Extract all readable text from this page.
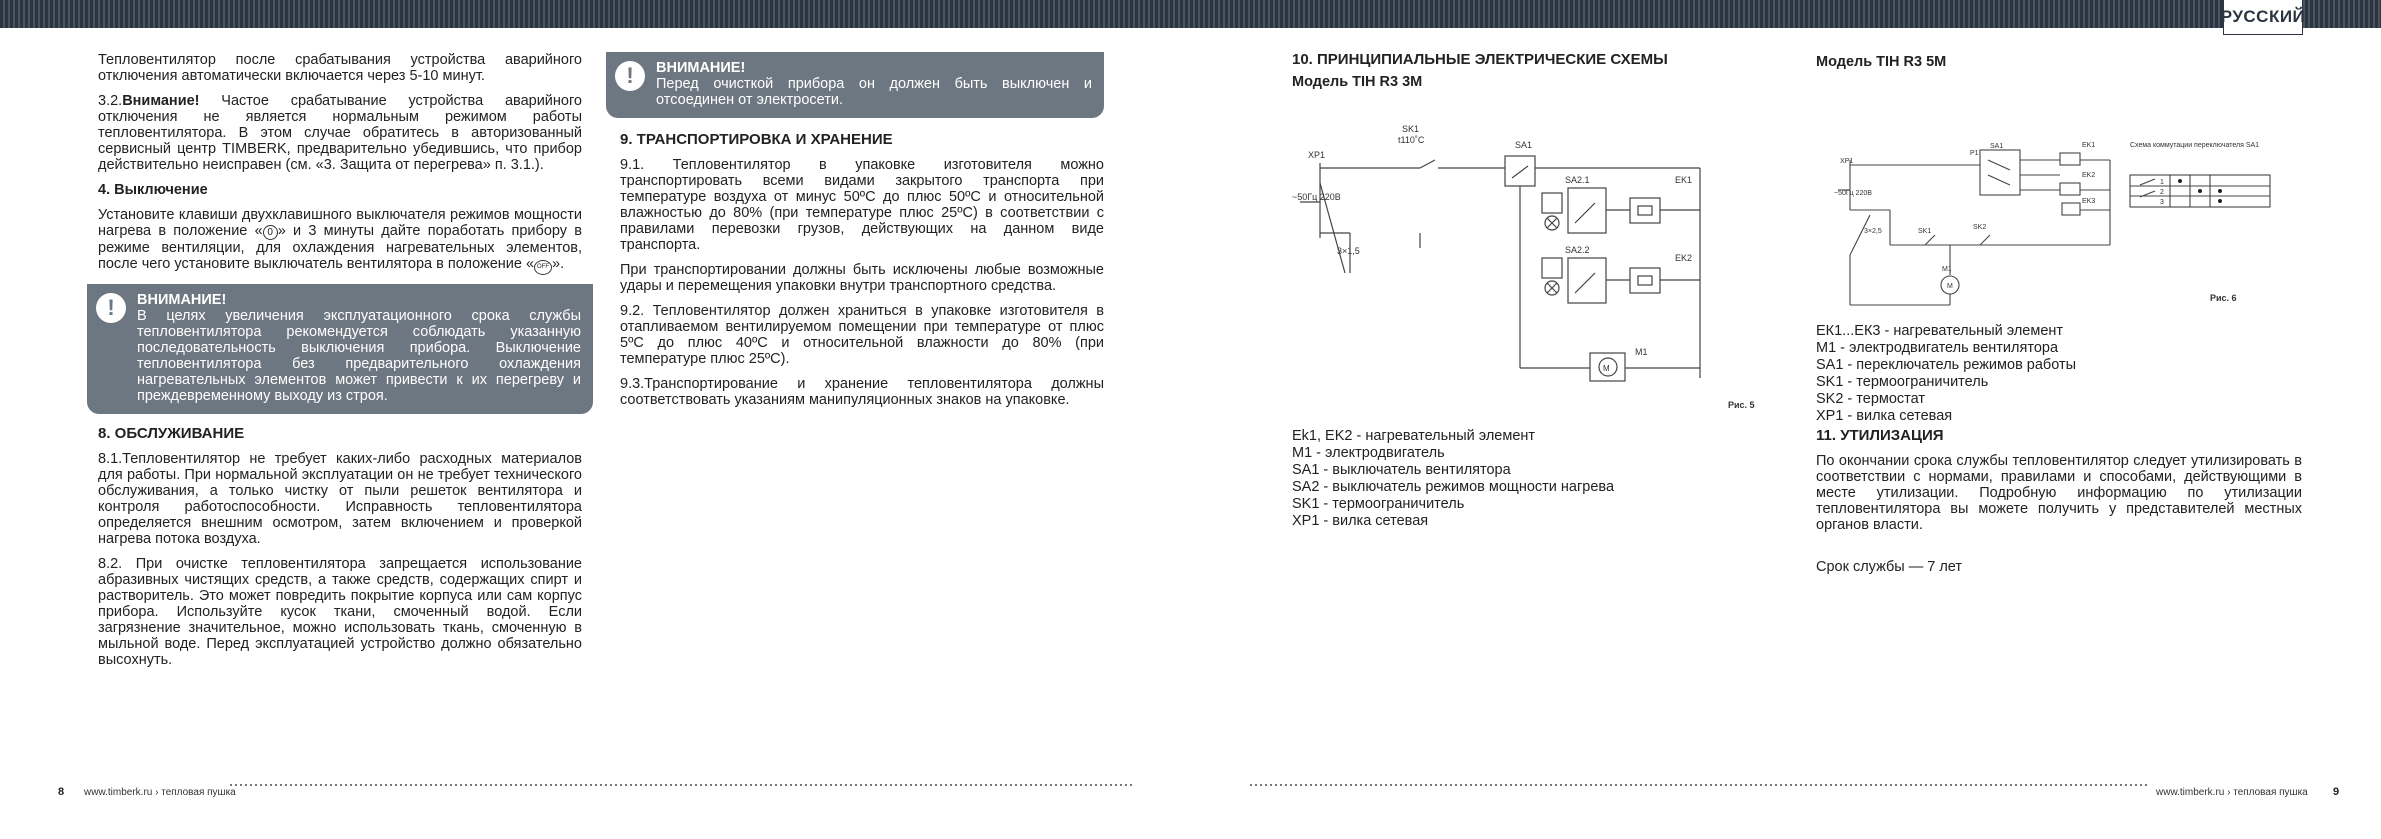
РУССКИЙ

Тепловентилятор после срабатывания устройства аварийного отключения автоматически включается через 5-10 минут.

3.2.Внимание! Частое срабатывание устройства аварийного отключения не является нормальным режимом работы тепловентилятора. В этом случае обратитесь в авторизованный сервисный центр TIMBERK, предварительно убедившись, что прибор действительно неисправен (см. «3. Защита от перегрева» п. 3.1.).

4. Выключение

Установите клавиши двухклавишного выключателя режимов мощности нагрева в положение « 0 » и 3 минуты дайте поработать прибору в режиме вентиляции, для охлаждения нагревательных элементов, после чего установите выключатель вентилятора в положение « OFF ».

!	ВНИМАНИЕ!
В целях увеличения эксплуатационного срока службы тепловентилятора рекомендуется соблюдать указанную последовательность выключения прибора. Выключение тепловентилятора без предварительного охлаждения нагревательных элементов может привести к их перегреву и преждевременному выходу из строя.
8. ОБСЛУЖИВАНИЕ

8.1.Тепловентилятор не требует каких-либо расходных материалов для работы. При нормальной эксплуатации он не требует технического обслуживания, а только чистку от пыли решеток вентилятора и контроля работоспособности. Исправность тепловентилятора определяется внешним осмотром, затем включением и проверкой нагрева потока воздуха.

8.2. При очистке тепловентилятора запрещается использование абразивных чистящих средств, а также средств, содержащих спирт и растворитель. Это может повредить покрытие корпуса или сам корпус прибора. Используйте кусок ткани, смоченный водой. Если загрязнение значительное, можно использовать ткань, смоченную в мыльной воде. Перед эксплуатацией устройство должно обязательно высохнуть.

!	ВНИМАНИЕ!
Перед очисткой прибора он должен быть выключен и отсоединен от электросети.
9. ТРАНСПОРТИРОВКА И ХРАНЕНИЕ

9.1. Тепловентилятор в упаковке изготовителя можно транспортировать всеми видами закрытого транспорта при температуре воздуха от минус 50ºC до плюс 50ºC и относительной влажностью до 80% (при температуре плюс 25ºC) в соответствии с правилами перевозки грузов, действующих на данном виде транспорта.

При транспортировании должны быть исключены любые возможные удары и перемещения упаковки внутри транспортного средства.

9.2. Тепловентилятор должен храниться в упаковке изготовителя в отапливаемом вентилируемом помещении при температуре от плюс 5ºC до плюс 40ºC и относительной влажности до 80% (при температуре плюс 25ºC).

9.3.Транспортирование и хранение тепловентилятора должны соответствовать указаниям манипуляционных знаков на упаковке.

10. ПРИНЦИПИАЛЬНЫЕ ЭЛЕКТРИЧЕСКИЕ СХЕМЫ
Модель TIH R3 3M
XP1
SK1
t110˚C	SA1
SA2.1
SA2.2
EK1
EK2
M1
M
~50Гц 220В
3×1,5
Рис. 5
Ek1, EK2 - нагревательный элемент
М1 - электродвигатель
SA1 - выключатель вентилятора
SA2 - выключатель режимов мощности нагрева
SK1 - термоограничитель
ХР1 - вилка сетевая
Модель TIH R3 5M
XP1
SA1
P1
EK1
EK2
EK3
SK1
SK2
M1
M
~50Гц 220В
3×2,5
Схема коммутации переключателя SA1
1
2
3
Рис. 6
ЕК1...ЕК3 - нагревательный элемент
М1 - электродвигатель вентилятора
SA1 - переключатель режимов работы
SK1 - термоограничитель
SK2 - термостат
ХР1 - вилка сетевая
11. УТИЛИЗАЦИЯ

По окончании срока службы тепловентилятор следует утилизировать в соответствии с нормами, правилами и способами, действующими в месте утилизации. Подробную информацию по утилизации тепловентилятора вы можете получить у представителей местных органов власти.

Срок службы — 7 лет

8 www.timberk.ru › тепловая пушка	www.timberk.ru › тепловая пушка 9
